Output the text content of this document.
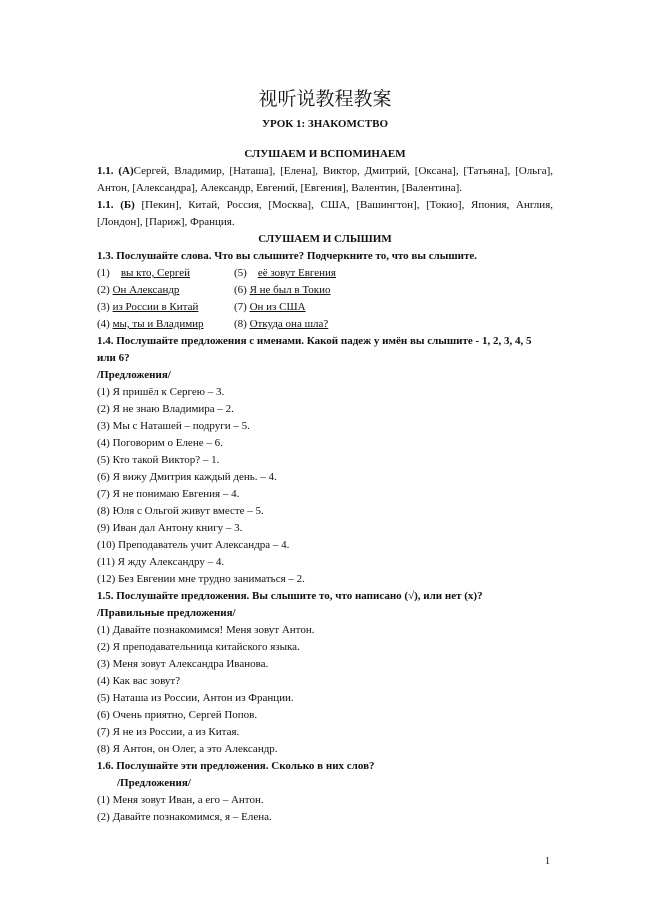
视听说教程教案
УРОК 1: ЗНАКОМСТВО
СЛУШАЕМ И ВСПОМИНАЕМ
1.1. (А)Сергей, Владимир, [Наташа], [Елена], Виктор, Дмитрий, [Оксана], [Татьяна], [Ольга], Антон, [Александра], Александр, Евгений, [Евгения], Валентин, [Валентина].
1.1. (Б) [Пекин], Китай, Россия, [Москва], США, [Вашингтон], [Токио], Япония, Англия, [Лондон], [Париж], Франция.
СЛУШАЕМ И СЛЫШИМ
1.3. Послушайте слова. Что вы слышите? Подчеркните то, что вы слышите.
(1) вы кто, Сергей	(5) её зовут Евгения
(2) Он Александр	(6) Я не был в Токио
(3) из России в Китай	(7) Он из США
(4) мы, ты и Владимир	(8) Откуда она шла?
1.4. Послушайте предложения с именами. Какой падеж у имён вы слышите - 1, 2, 3, 4, 5 или 6?
/Предложения/
(1) Я пришёл к Сергею – 3.
(2) Я не знаю Владимира – 2.
(3) Мы с Наташей – подруги – 5.
(4) Поговорим о Елене – 6.
(5) Кто такой Виктор? – 1.
(6) Я вижу Дмитрия каждый день. – 4.
(7) Я не понимаю Евгения – 4.
(8) Юля с Ольгой живут вместе – 5.
(9) Иван дал Антону книгу – 3.
(10) Преподаватель учит Александра – 4.
(11) Я жду Александру – 4.
(12) Без Евгении мне трудно заниматься – 2.
1.5. Послушайте предложения. Вы слышите то, что написано (√), или нет (x)?
/Правильные предложения/
(1) Давайте познакомимся! Меня зовут Антон.
(2) Я преподавательница китайского языка.
(3) Меня зовут Александра Иванова.
(4) Как вас зовут?
(5) Наташа из России, Антон из Франции.
(6) Очень приятно, Сергей Попов.
(7) Я не из России, а из Китая.
(8) Я Антон, он Олег, а это Александр.
1.6. Послушайте эти предложения. Сколько в них слов?
/Предложения/
(1) Меня зовут Иван, а его – Антон.
(2) Давайте познакомимся, я – Елена.
1
